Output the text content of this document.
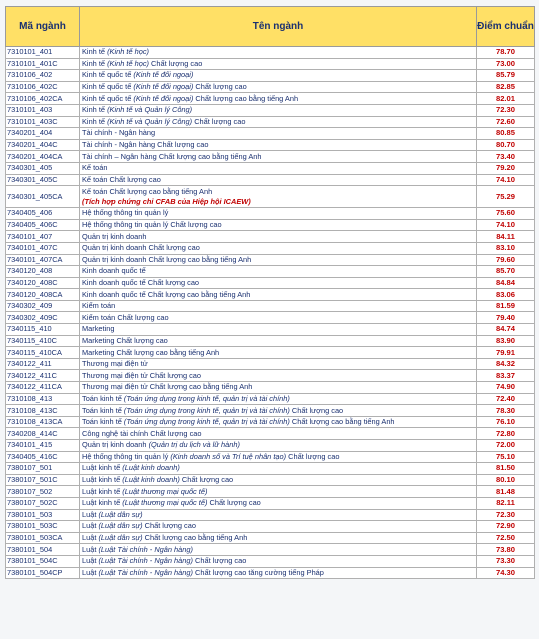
Mã ngành	Tên ngành	Điểm chuẩn
7310101_401	Kinh tế (Kinh tế học)	78.70
7310101_401C	Kinh tế (Kinh tế học) Chất lượng cao	73.00
7310106_402	Kinh tế quốc tế (Kinh tế đối ngoại)	85.79
7310106_402C	Kinh tế quốc tế (Kinh tế đối ngoại) Chất lượng cao	82.85
7310106_402CA	Kinh tế quốc tế (Kinh tế đối ngoại) Chất lượng cao bằng tiếng Anh	82.01
7310101_403	Kinh tế (Kinh tế và Quản lý Công)	72.30
7310101_403C	Kinh tế (Kinh tế và Quản lý Công) Chất lượng cao	72.60
7340201_404	Tài chính - Ngân hàng	80.85
7340201_404C	Tài chính - Ngân hàng Chất lượng cao	80.70
7340201_404CA	Tài chính – Ngân hàng Chất lượng cao bằng tiếng Anh	73.40
7340301_405	Kế toán	79.20
7340301_405C	Kế toán Chất lượng cao	74.10
7340301_405CA	Kế toán Chất lượng cao bằng tiếng Anh
(Tích hợp chứng chỉ CFAB của Hiệp hội ICAEW)	75.29
7340405_406	Hệ thống thông tin quản lý	75.60
7340405_406C	Hệ thống thông tin quản lý Chất lượng cao	74.10
7340101_407	Quản trị kinh doanh	84.11
7340101_407C	Quản trị kinh doanh Chất lượng cao	83.10
7340101_407CA	Quản trị kinh doanh Chất lượng cao bằng tiếng Anh	79.60
7340120_408	Kinh doanh quốc tế	85.70
7340120_408C	Kinh doanh quốc tế Chất lượng cao	84.84
7340120_408CA	Kinh doanh quốc tế Chất lượng cao bằng tiếng Anh	83.06
7340302_409	Kiểm toán	81.59
7340302_409C	Kiểm toán Chất lượng cao	79.40
7340115_410	Marketing	84.74
7340115_410C	Marketing Chất lượng cao	83.90
7340115_410CA	Marketing Chất lượng cao bằng tiếng Anh	79.91
7340122_411	Thương mại điện tử	84.32
7340122_411C	Thương mại điện tử Chất lượng cao	83.37
7340122_411CA	Thương mại điện tử Chất lượng cao bằng tiếng Anh	74.90
7310108_413	Toán kinh tế (Toán ứng dụng trong kinh tế, quản trị và tài chính)	72.40
7310108_413C	Toán kinh tế (Toán ứng dụng trong kinh tế, quản trị và tài chính) Chất lượng cao	78.30
7310108_413CA	Toán kinh tế (Toán ứng dụng trong kinh tế, quản trị và tài chính) Chất lượng cao bằng tiếng Anh	76.10
7340208_414C	Công nghệ tài chính Chất lượng cao	72.80
7340101_415	Quản trị kinh doanh (Quản trị du lịch và lữ hành)	72.00
7340405_416C	Hệ thống thông tin quản lý (Kinh doanh số và Trí tuệ nhân tạo) Chất lượng cao	75.10
7380107_501	Luật kinh tế (Luật kinh doanh)	81.50
7380107_501C	Luật kinh tế (Luật kinh doanh) Chất lượng cao	80.10
7380107_502	Luật kinh tế (Luật thương mại quốc tế)	81.48
7380107_502C	Luật kinh tế (Luật thương mại quốc tế) Chất lượng cao	82.11
7380101_503	Luật (Luật dân sự)	72.30
7380101_503C	Luật (Luật dân sự) Chất lượng cao	72.90
7380101_503CA	Luật (Luật dân sự) Chất lượng cao bằng tiếng Anh	72.50
7380101_504	Luật (Luật Tài chính - Ngân hàng)	73.80
7380101_504C	Luật (Luật Tài chính - Ngân hàng) Chất lượng cao	73.30
7380101_504CP	Luật (Luật Tài chính - Ngân hàng) Chất lượng cao tăng cường tiếng Pháp	74.30
